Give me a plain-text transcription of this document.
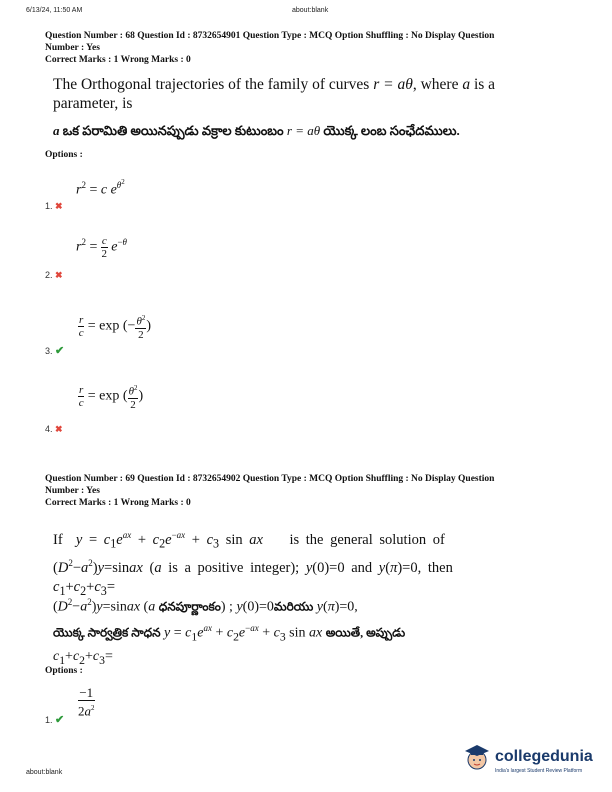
6/13/24, 11:50 AM	about:blank
Question Number : 68 Question Id : 8732654901 Question Type : MCQ Option Shuffling : No Display Question
Number : Yes
Correct Marks : 1 Wrong Marks : 0
The Orthogonal trajectories of the family of curves r = aθ, where a is a
parameter, is
a ఒక పరామితి అయినప్పుడు వక్రాల కుటుంబం r = aθ యొక్క లంబ సంఛేదములు.
Options :
$r^2 = c$ $e^{\theta^2}$
1. ✖
$r^2 = \frac{c}{2} e^{-\theta}$
2. ✖
$\frac{r}{c} = \exp$ (− $\frac{\theta^2}{2}$ )
3. ✔
$\frac{r}{c} = \exp$ ( $\frac{\theta^2}{2}$ )
4. ✖
Question Number : 69 Question Id : 8732654902 Question Type : MCQ Option Shuffling : No Display Question
Number : Yes
Correct Marks : 1 Wrong Marks : 0
If  $y = c_1e^{ax} + c_2e^{-ax} + c_3$ sin ax    is the general solution of
$(D^2-a^2)y=sinax$ (a is a positive integer); y(0)=0 and y(π)=0, then
$c_1+c_2+c_3=$
$(D^2-a^2)y=sinax$ (a ధనపూర్ణాంకం) ; y(0)=0మరియు y(π)=0,
యొక్క సార్వత్రిక సాధన $y = c_1e^{ax} + c_2e^{-ax} + c_3$ sin ax అయితే, అప్పుడు
$c_1+c_2+c_3=$
Options :
$\frac{-1}{2a^2}$
1. ✔
about:blank
collegedunia
India's largest Student Review Platform
